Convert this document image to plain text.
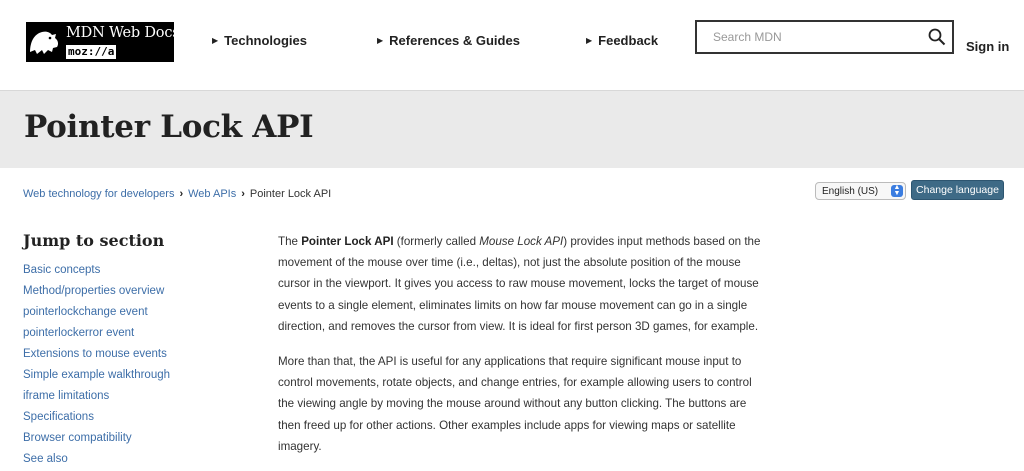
MDN Web Docs
moz://a
▶ Technologies	▶ References & Guides	▶ Feedback
Search MDN	Sign in
Pointer Lock API
Web technology for developers › Web APIs › Pointer Lock API	English (US) ▲
▼	Change language
Jump to section
Basic concepts
Method/properties overview
pointerlockchange event
pointerlockerror event
Extensions to mouse events
Simple example walkthrough
iframe limitations
Specifications
Browser compatibility
See also

The Pointer Lock API (formerly called Mouse Lock API) provides input methods based on the movement of the mouse over time (i.e., deltas), not just the absolute position of the mouse cursor in the viewport. It gives you access to raw mouse movement, locks the target of mouse events to a single element, eliminates limits on how far mouse movement can go in a single direction, and removes the cursor from view. It is ideal for first person 3D games, for example.

More than that, the API is useful for any applications that require significant mouse input to control movements, rotate objects, and change entries, for example allowing users to control the viewing angle by moving the mouse around without any button clicking. The buttons are then freed up for other actions. Other examples include apps for viewing maps or satellite imagery.
